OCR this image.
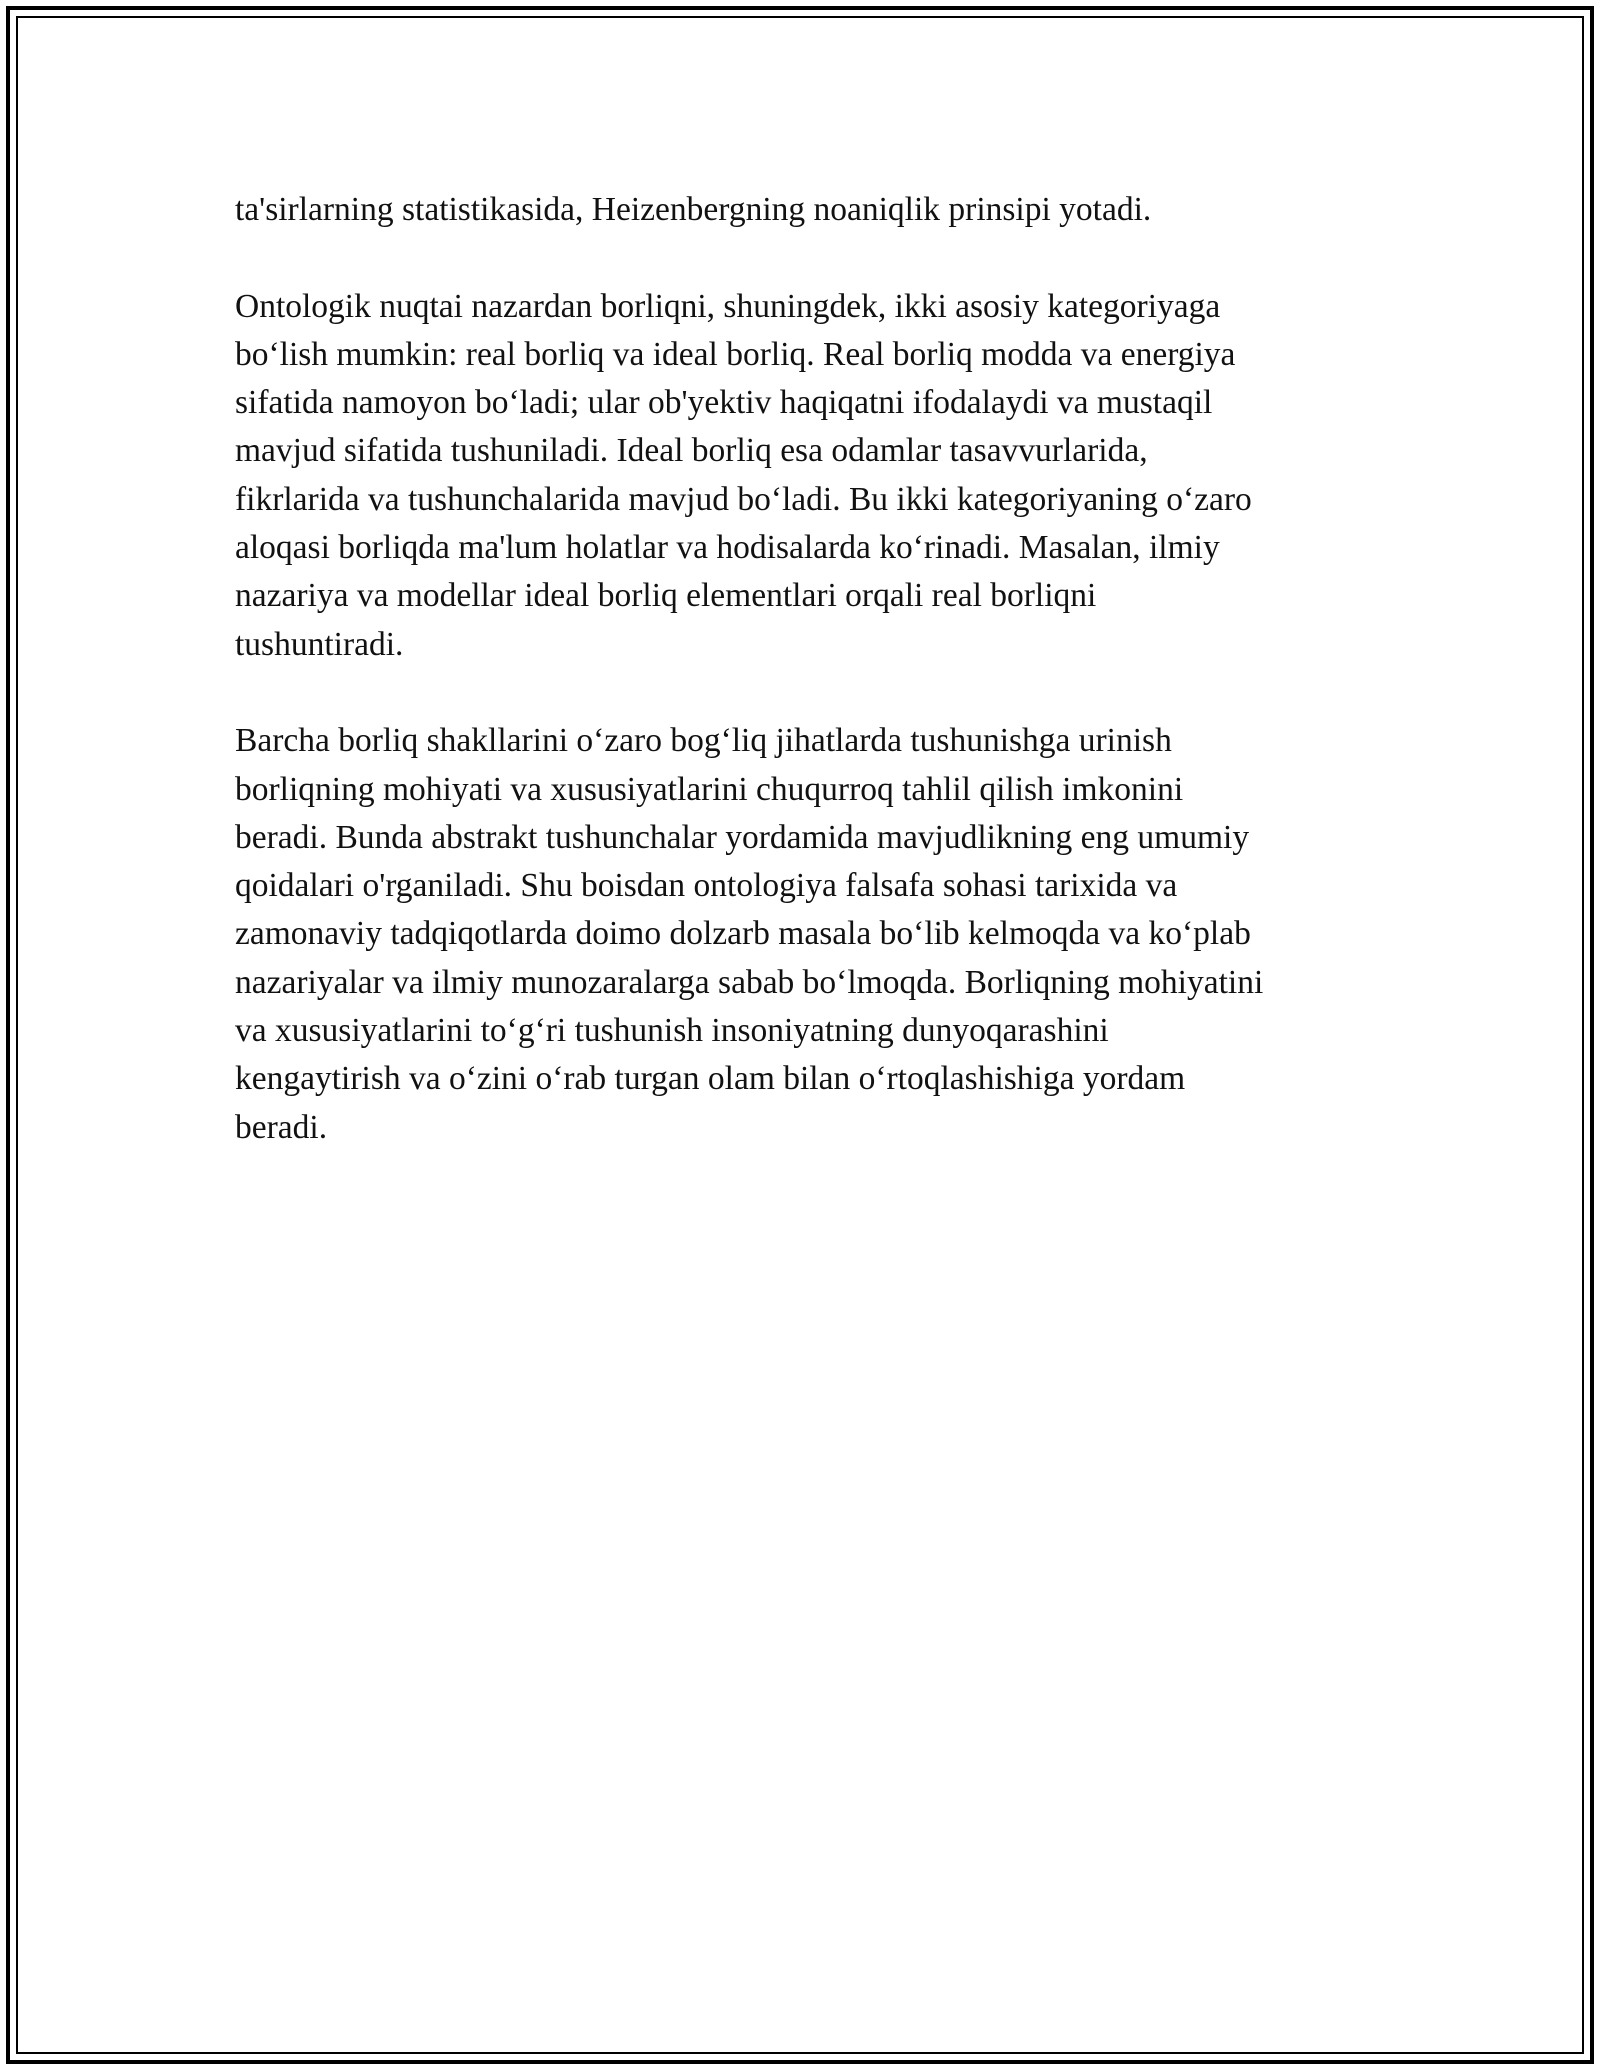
ta'sirlarning statistikasida, Heizenbergning noaniqlik prinsipi yotadi.

Ontologik nuqtai nazardan borliqni, shuningdek, ikki asosiy kategoriyaga
bo‘lish mumkin: real borliq va ideal borliq. Real borliq modda va energiya
sifatida namoyon bo‘ladi; ular ob'yektiv haqiqatni ifodalaydi va mustaqil
mavjud sifatida tushuniladi. Ideal borliq esa odamlar tasavvurlarida,
fikrlarida va tushunchalarida mavjud bo‘ladi. Bu ikki kategoriyaning o‘zaro
aloqasi borliqda ma'lum holatlar va hodisalarda ko‘rinadi. Masalan, ilmiy
nazariya va modellar ideal borliq elementlari orqali real borliqni
tushuntiradi.

Barcha borliq shakllarini o‘zaro bog‘liq jihatlarda tushunishga urinish
borliqning mohiyati va xususiyatlarini chuqurroq tahlil qilish imkonini
beradi. Bunda abstrakt tushunchalar yordamida mavjudlikning eng umumiy
qoidalari o'rganiladi. Shu boisdan ontologiya falsafa sohasi tarixida va
zamonaviy tadqiqotlarda doimo dolzarb masala bo‘lib kelmoqda va ko‘plab
nazariyalar va ilmiy munozaralarga sabab bo‘lmoqda. Borliqning mohiyatini
va xususiyatlarini to‘g‘ri tushunish insoniyatning dunyoqarashini
kengaytirish va o‘zini o‘rab turgan olam bilan o‘rtoqlashishiga yordam
beradi.
